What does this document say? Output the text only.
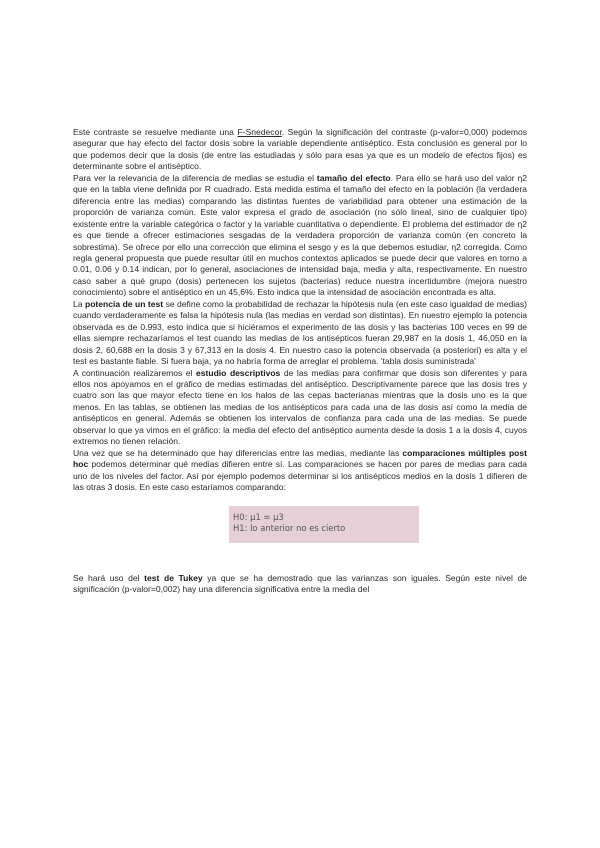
Este contraste se resuelve mediante una F-Snedecor. Según la significación del contraste (p-valor=0,000) podemos asegurar que hay efecto del factor dosis sobre la variable dependiente antiséptico. Esta conclusión es general por lo que podemos decir que la dosis (de entre las estudiadas y sólo para esas ya que es un modelo de efectos fijos) es determinante sobre el antiséptico.

Para ver la relevancia de la diferencia de medias se estudia el tamaño del efecto. Para ello se hará uso del valor η2 que en la tabla viene definida por R cuadrado. Esta medida estima el tamaño del efecto en la población (la verdadera diferencia entre las medias) comparando las distintas fuentes de variabilidad para obtener una estimación de la proporción de varianza común. Este valor expresa el grado de asociación (no sólo lineal, sino de cualquier tipo) existente entre la variable categórica o factor y la variable cuantitativa o dependiente. El problema del estimador de η2 es que tiende a ofrecer estimaciones sesgadas de la verdadera proporción de varianza común (en concreto la sobrestima). Se ofrece por ello una corrección que elimina el sesgo y es la que debemos estudiar, η2 corregida. Como regla general propuesta que puede resultar útil en muchos contextos aplicados se puede decir que valores en torno a 0.01, 0.06 y 0.14 indican, por lo general, asociaciones de intensidad baja, media y alta, respectivamente. En nuestro caso saber a qué grupo (dosis) pertenecen los sujetos (bacterias) reduce nuestra incertidumbre (mejora nuestro conocimiento) sobre el antiséptico en un 45,6%. Esto indica que la intensidad de asociación encontrada es alta.

La potencia de un test se define como la probabilidad de rechazar la hipótesis nula (en este caso igualdad de medias) cuando verdaderamente es falsa la hipótesis nula (las medias en verdad son distintas). En nuestro ejemplo la potencia observada es de 0.993, esto indica que si hiciéramos el experimento de las dosis y las bacterias 100 veces en 99 de ellas siempre rechazaríamos el test cuando las medias de los antisépticos fueran 29,987 en la dosis 1, 46,050 en la dosis 2, 60,688 en la dosis 3 y 67,313 en la dosis 4. En nuestro caso la potencia observada (a posteriori) es alta y el test es bastante fiable. Si fuera baja, ya no habría forma de arreglar el problema. 'tabla dosis suministrada'

A continuación realizaremos el estudio descriptivos de las medias para confirmar que dosis son diferentes y para ellos nos apoyamos en el gráfico de medias estimadas del antiséptico. Descriptivamente parece que las dosis tres y cuatro son las que mayor efecto tiene en los halos de las cepas bacterianas mientras que la dosis uno es la que menos. En las tablas, se obtienen las medias de los antisépticos para cada una de las dosis así como la media de antisépticos en general. Además se obtienen los intervalos de confianza para cada una de las medias. Se puede observar lo que ya vimos en el gráfico: la media del efecto del antiséptico aumenta desde la dosis 1 a la dosis 4, cuyos extremos no tienen relación.

Una vez que se ha determinado que hay diferencias entre las medias, mediante las comparaciones múltiples post hoc podemos determinar qué medias difieren entre sí. Las comparaciones se hacen por pares de medias para cada uno de los niveles del factor. Así por ejemplo podemos determinar si los antisépticos medios en la dosis 1 difieren de las otras 3 dosis. En este caso estaríamos comparando:

H0: μ1 = μ3
H1: lo anterior no es cierto

Se hará uso del test de Tukey ya que se ha demostrado que las varianzas son iguales. Según este nivel de significación (p-valor=0,002) hay una diferencia significativa entre la media del
